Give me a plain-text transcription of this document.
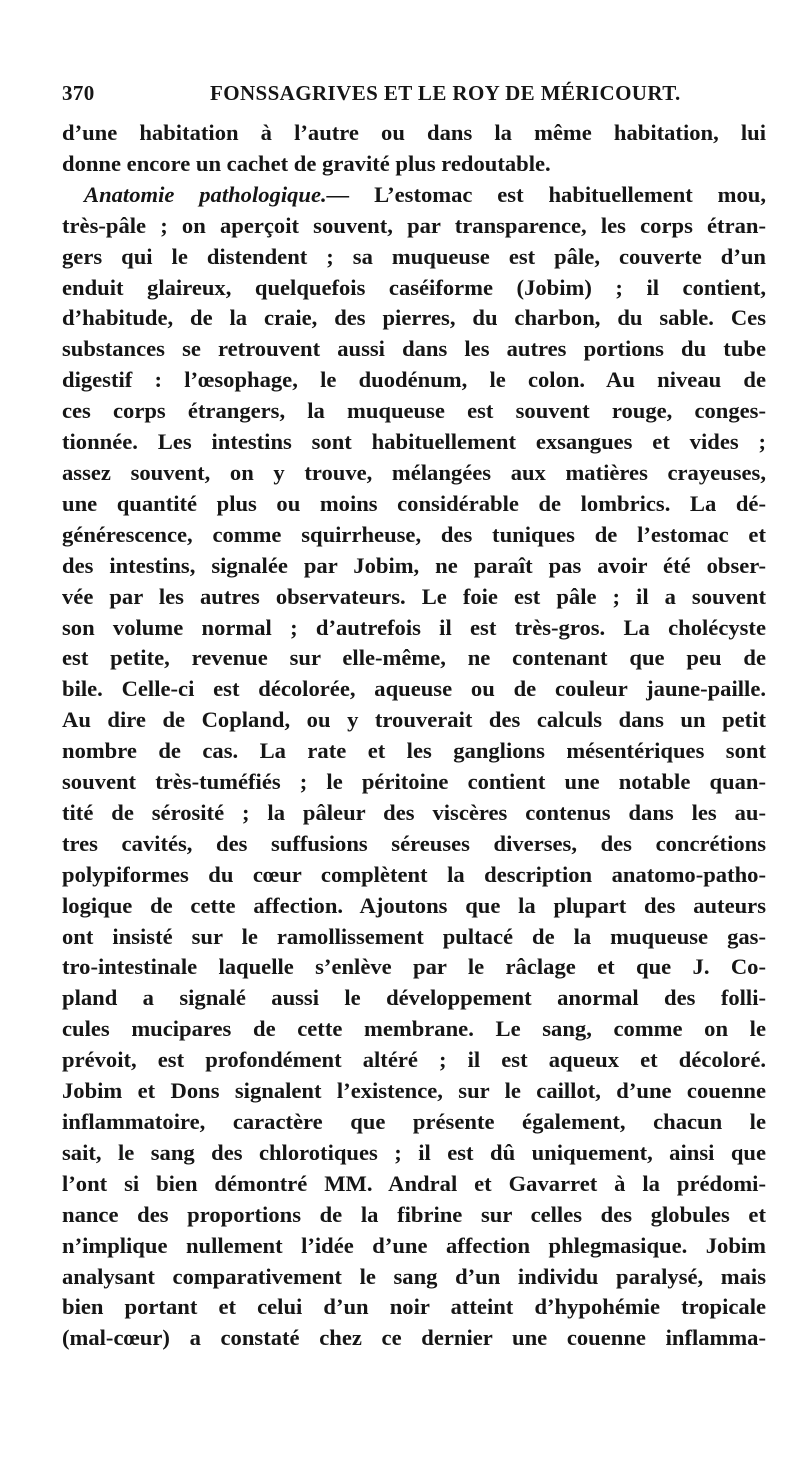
370	FONSSAGRIVES ET LE ROY DE MÉRICOURT.
d’une habitation à l’autre ou dans la même habitation, lui
donne encore un cachet de gravité plus redoutable.
Anatomie pathologique.— L’estomac est habituellement mou,
très-pâle ; on aperçoit souvent, par transparence, les corps étran-
gers qui le distendent ; sa muqueuse est pâle, couverte d’un
enduit glaireux, quelquefois caséiforme (Jobim) ; il contient,
d’habitude, de la craie, des pierres, du charbon, du sable. Ces
substances se retrouvent aussi dans les autres portions du tube
digestif : l’œsophage, le duodénum, le colon. Au niveau de
ces corps étrangers, la muqueuse est souvent rouge, conges-
tionnée. Les intestins sont habituellement exsangues et vides ;
assez souvent, on y trouve, mélangées aux matières crayeuses,
une quantité plus ou moins considérable de lombrics. La dé-
générescence, comme squirrheuse, des tuniques de l’estomac et
des intestins, signalée par Jobim, ne paraît pas avoir été obser-
vée par les autres observateurs. Le foie est pâle ; il a souvent
son volume normal ; d’autrefois il est très-gros. La cholécyste
est petite, revenue sur elle-même, ne contenant que peu de
bile. Celle-ci est décolorée, aqueuse ou de couleur jaune-paille.
Au dire de Copland, ou y trouverait des calculs dans un petit
nombre de cas. La rate et les ganglions mésentériques sont
souvent très-tuméfiés ; le péritoine contient une notable quan-
tité de sérosité ; la pâleur des viscères contenus dans les au-
tres cavités, des suffusions séreuses diverses, des concrétions
polypiformes du cœur complètent la description anatomo-patho-
logique de cette affection. Ajoutons que la plupart des auteurs
ont insisté sur le ramollissement pultacé de la muqueuse gas-
tro-intestinale laquelle s’enlève par le râclage et que J. Co-
pland a signalé aussi le développement anormal des folli-
cules mucipares de cette membrane. Le sang, comme on le
prévoit, est profondément altéré ; il est aqueux et décoloré.
Jobim et Dons signalent l’existence, sur le caillot, d’une couenne
inflammatoire, caractère que présente également, chacun le
sait, le sang des chlorotiques ; il est dû uniquement, ainsi que
l’ont si bien démontré MM. Andral et Gavarret à la prédomi-
nance des proportions de la fibrine sur celles des globules et
n’implique nullement l’idée d’une affection phlegmasique. Jobim
analysant comparativement le sang d’un individu paralysé, mais
bien portant et celui d’un noir atteint d’hypohémie tropicale
(mal-cœur) a constaté chez ce dernier une couenne inflamma-
